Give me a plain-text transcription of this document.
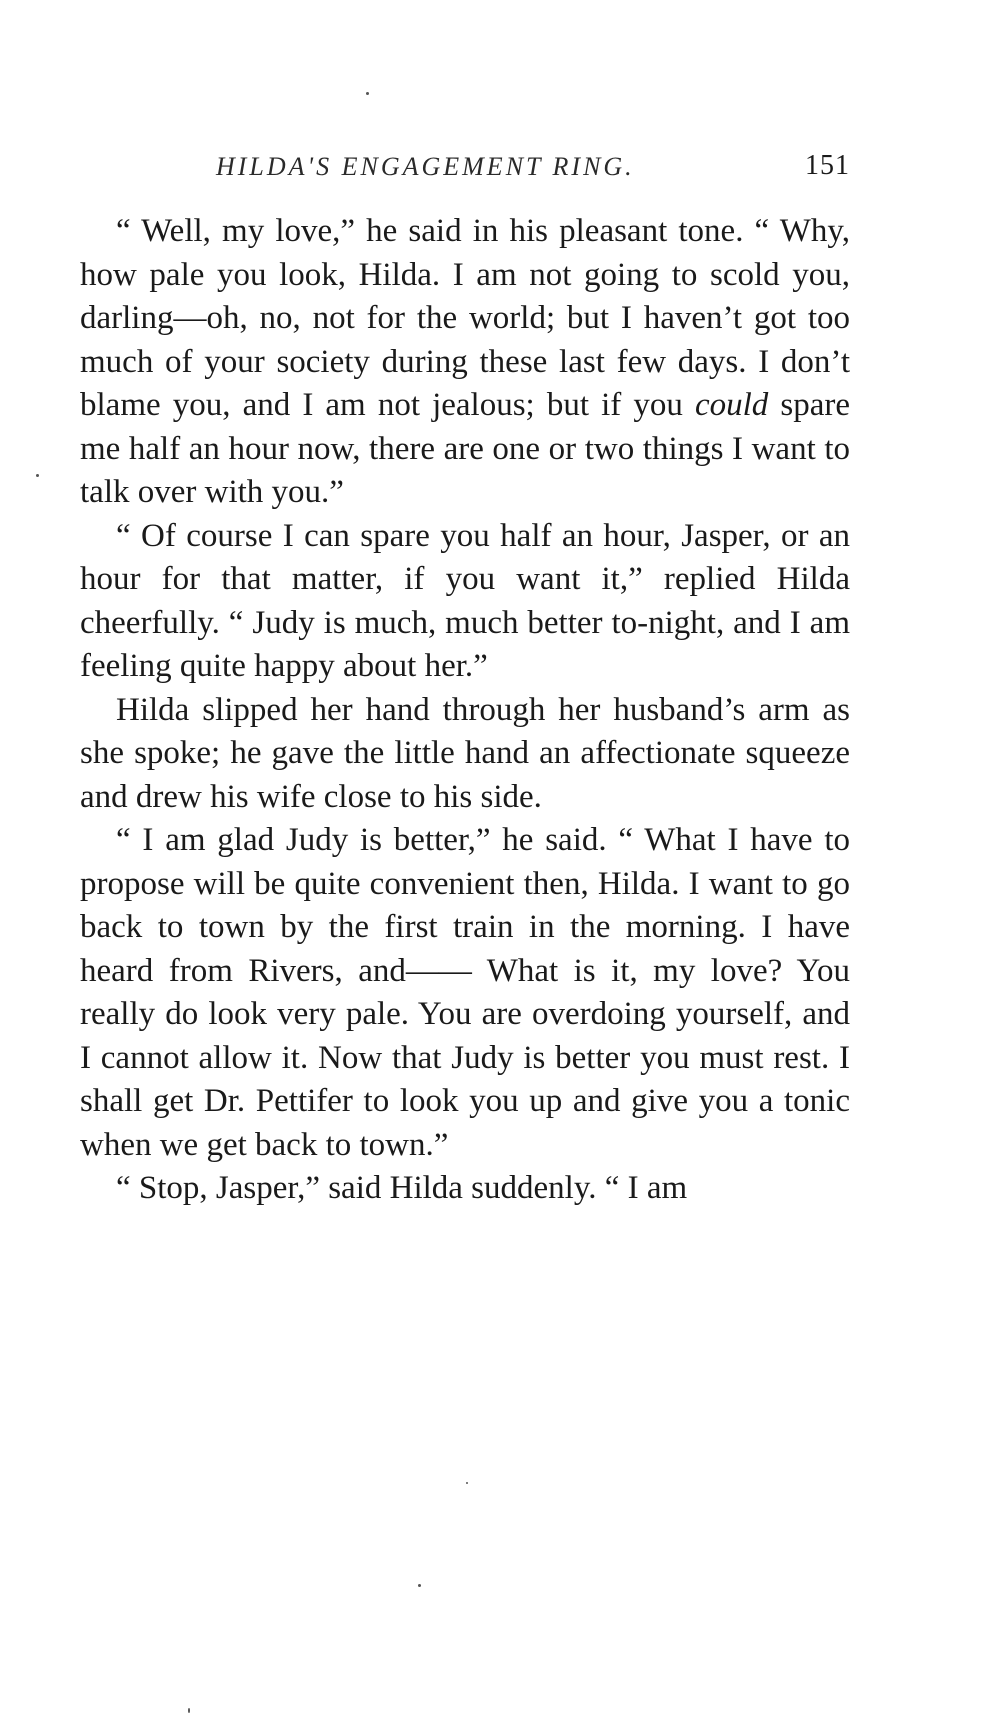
HILDA'S ENGAGEMENT RING.	151

“ Well, my love,” he said in his pleasant tone. “ Why, how pale you look, Hilda. I am not going to scold you, darling—oh, no, not for the world; but I haven’t got too much of your society during these last few days. I don’t blame you, and I am not jealous; but if you could spare me half an hour now, there are one or two things I want to talk over with you.”

“ Of course I can spare you half an hour, Jasper, or an hour for that matter, if you want it,” replied Hilda cheerfully. “ Judy is much, much better to-night, and I am feeling quite happy about her.”

Hilda slipped her hand through her husband’s arm as she spoke; he gave the little hand an affectionate squeeze and drew his wife close to his side.

“ I am glad Judy is better,” he said. “ What I have to propose will be quite convenient then, Hilda. I want to go back to town by the first train in the morning. I have heard from Rivers, and—— What is it, my love? You really do look very pale. You are overdoing yourself, and I cannot allow it. Now that Judy is better you must rest. I shall get Dr. Pettifer to look you up and give you a tonic when we get back to town.”

“ Stop, Jasper,” said Hilda suddenly. “ I am
